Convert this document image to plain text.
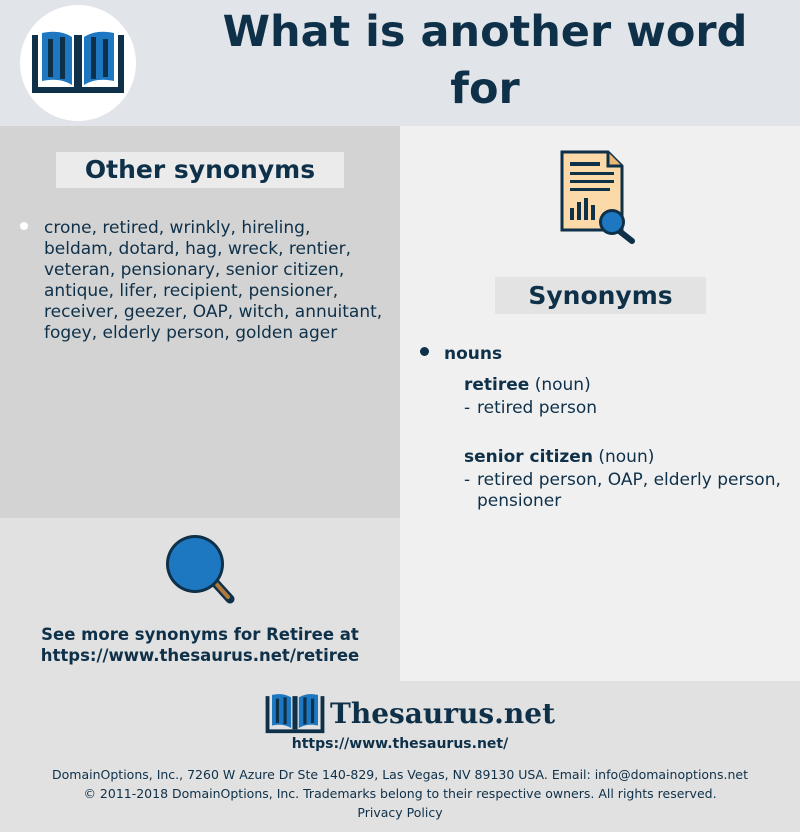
What is another word for
Other synonyms
crone, retired, wrinkly, hireling, beldam, dotard, hag, wreck, rentier, veteran, pensionary, senior citizen, antique, lifer, recipient, pensioner, receiver, geezer, OAP, witch, annuitant, fogey, elderly person, golden ager
See more synonyms for Retiree at
https://www.thesaurus.net/retiree
Synonyms
nouns
retiree (noun)
- retired person
senior citizen (noun)
- retired person, OAP, elderly person, pensioner
Thesaurus.net
https://www.thesaurus.net/
DomainOptions, Inc., 7260 W Azure Dr Ste 140-829, Las Vegas, NV 89130 USA. Email: info@domainoptions.net
© 2011-2018 DomainOptions, Inc. Trademarks belong to their respective owners. All rights reserved.
Privacy Policy
